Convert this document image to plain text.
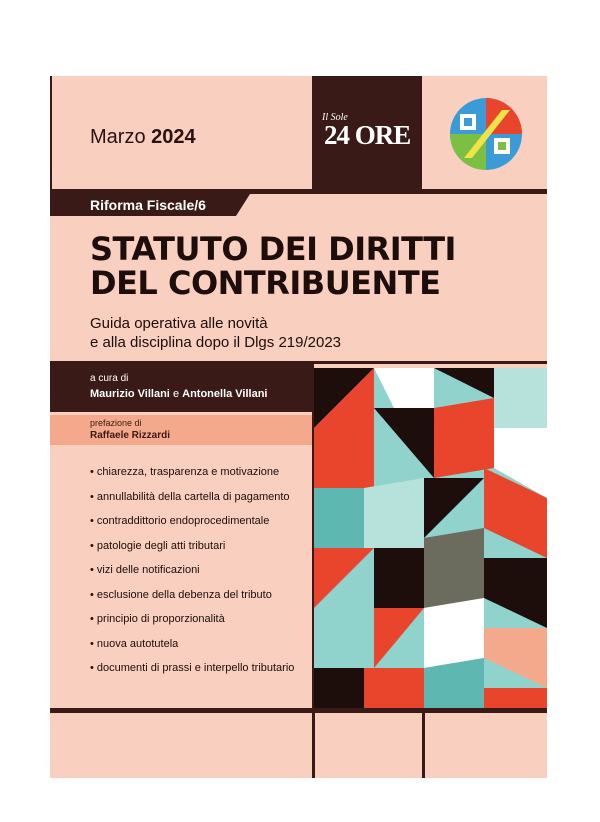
Marzo 2024
Il Sole
24 ORE
Riforma Fiscale/6
STATUTO DEI DIRITTI
DEL CONTRIBUENTE
Guida operativa alle novità
e alla disciplina dopo il Dlgs 219/2023
a cura di
Maurizio Villani e Antonella Villani
prefazione di
Raffaele Rizzardi
• chiarezza, trasparenza e motivazione
• annullabilità della cartella di pagamento
• contraddittorio endoprocedimentale
• patologie degli atti tributari
• vizi delle notificazioni
• esclusione della debenza del tributo
• principio di proporzionalità
• nuova autotutela
• documenti di prassi e interpello tributario
